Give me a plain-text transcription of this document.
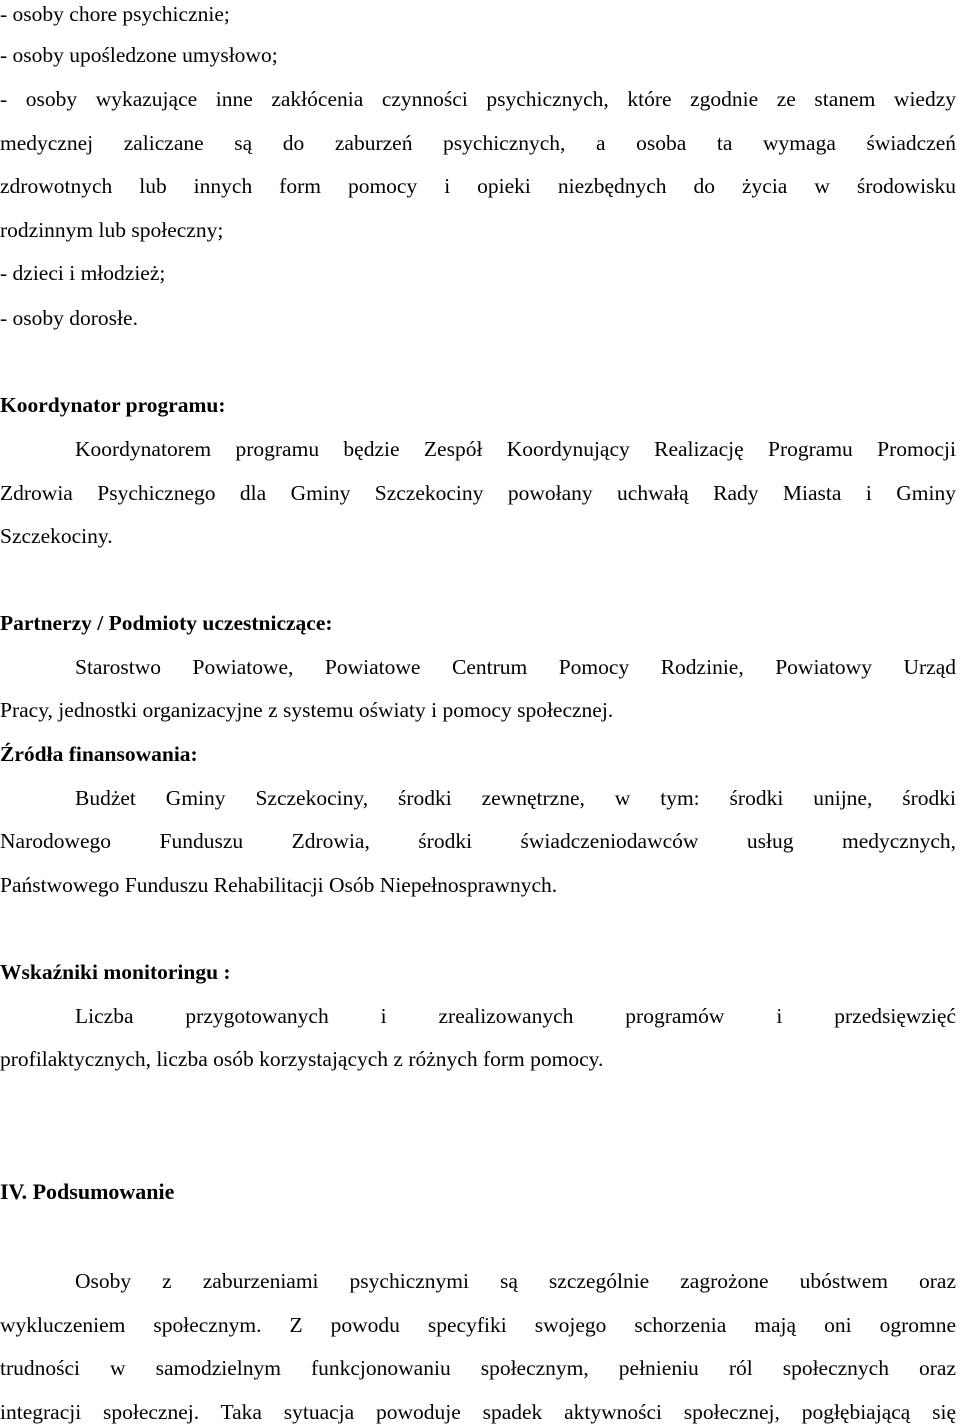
- osoby chore psychicznie;
- osoby upośledzone umysłowo;
- osoby wykazujące inne zakłócenia czynności psychicznych, które zgodnie ze stanem wiedzy
medycznej zaliczane są do zaburzeń psychicznych, a osoba ta wymaga świadczeń
zdrowotnych lub innych form pomocy i opieki niezbędnych do życia w środowisku
rodzinnym lub społeczny;
- dzieci i młodzież;
- osoby dorosłe.
Koordynator programu:
Koordynatorem programu będzie Zespół Koordynujący Realizację Programu Promocji
Zdrowia Psychicznego dla Gminy Szczekociny powołany uchwałą Rady Miasta i Gminy
Szczekociny.
Partnerzy / Podmioty uczestniczące:
Starostwo Powiatowe, Powiatowe Centrum Pomocy Rodzinie, Powiatowy Urząd
Pracy, jednostki organizacyjne z systemu oświaty i pomocy społecznej.
Źródła finansowania:
Budżet Gminy Szczekociny, środki zewnętrzne, w tym: środki unijne, środki
Narodowego Funduszu Zdrowia, środki świadczeniodawców usług medycznych,
Państwowego Funduszu Rehabilitacji Osób Niepełnosprawnych.
Wskaźniki monitoringu :
Liczba przygotowanych i zrealizowanych programów i przedsięwzięć
profilaktycznych, liczba osób korzystających z różnych form pomocy.
IV. Podsumowanie
Osoby z zaburzeniami psychicznymi są szczególnie zagrożone ubóstwem oraz
wykluczeniem społecznym. Z powodu specyfiki swojego schorzenia mają oni ogromne
trudności w samodzielnym funkcjonowaniu społecznym, pełnieniu ról społecznych oraz
integracji społecznej. Taka sytuacja powoduje spadek aktywności społecznej, pogłębiającą się
